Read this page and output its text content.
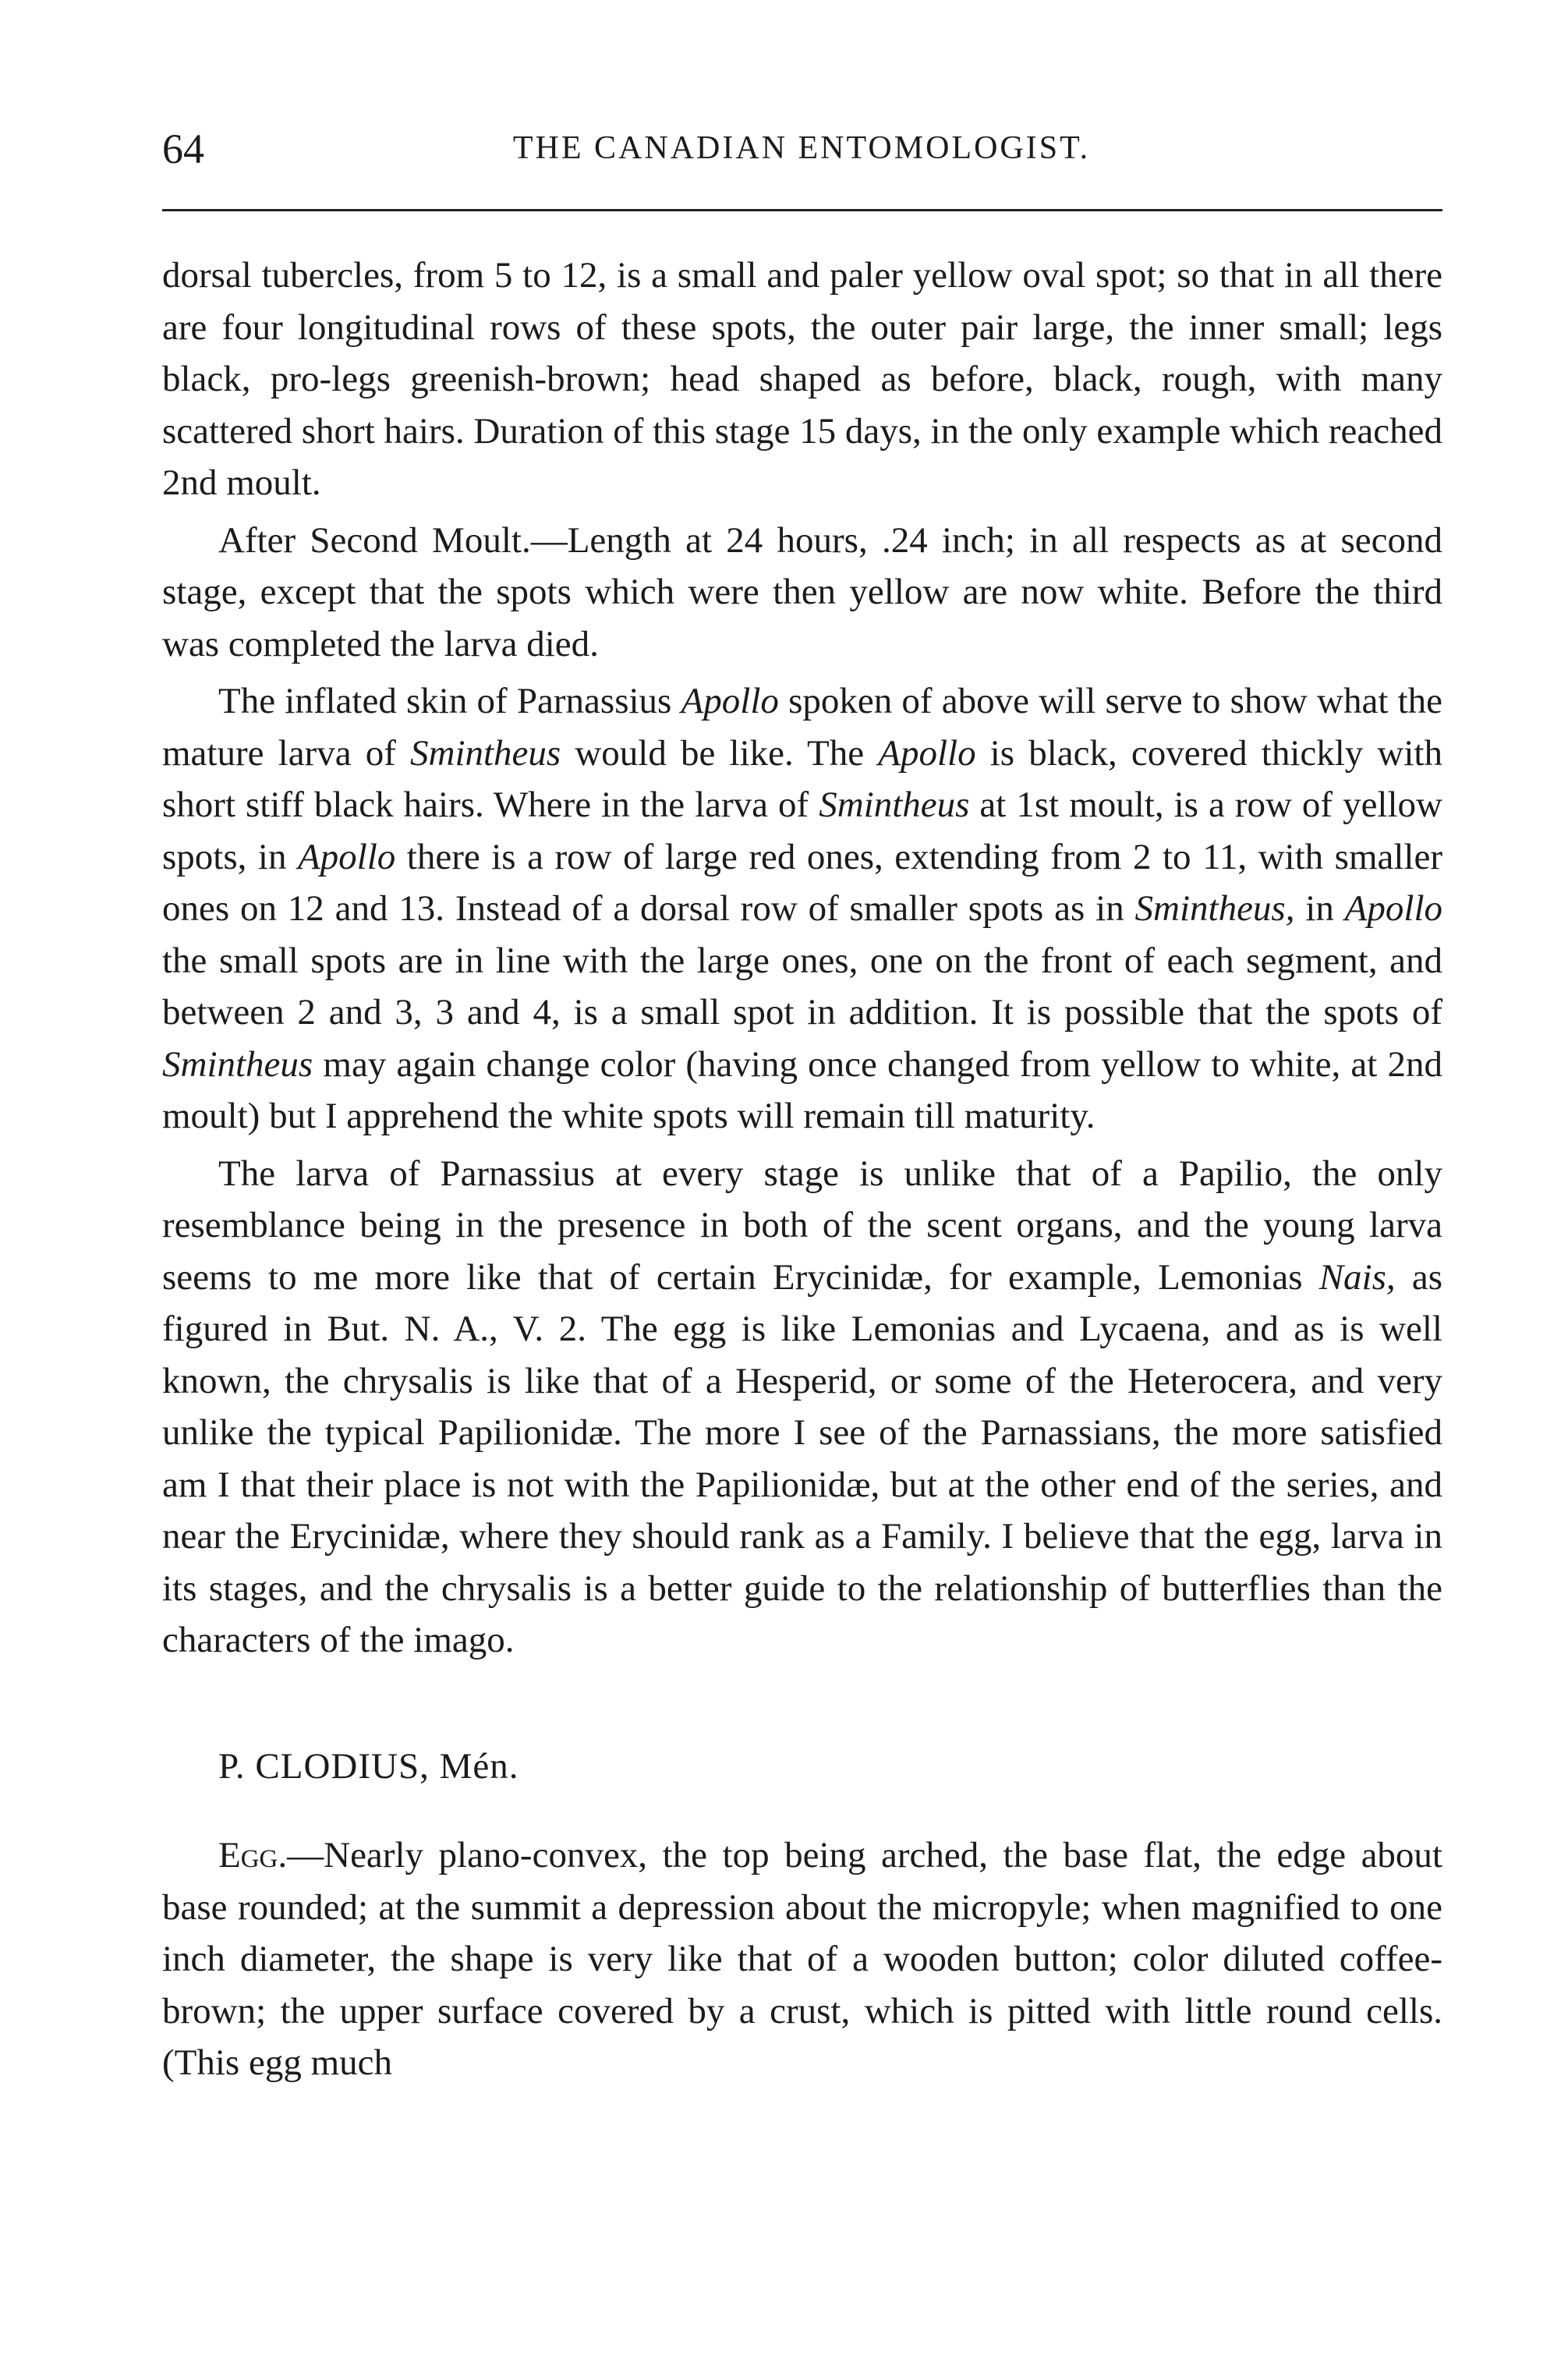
64	THE CANADIAN ENTOMOLOGIST.

dorsal tubercles, from 5 to 12, is a small and paler yellow oval spot; so that in all there are four longitudinal rows of these spots, the outer pair large, the inner small; legs black, pro-legs greenish-brown; head shaped as before, black, rough, with many scattered short hairs. Duration of this stage 15 days, in the only example which reached 2nd moult.

After Second Moult.—Length at 24 hours, .24 inch; in all respects as at second stage, except that the spots which were then yellow are now white. Before the third was completed the larva died.

The inflated skin of Parnassius Apollo spoken of above will serve to show what the mature larva of Smintheus would be like. The Apollo is black, covered thickly with short stiff black hairs. Where in the larva of Smintheus at 1st moult, is a row of yellow spots, in Apollo there is a row of large red ones, extending from 2 to 11, with smaller ones on 12 and 13. Instead of a dorsal row of smaller spots as in Smintheus, in Apollo the small spots are in line with the large ones, one on the front of each segment, and between 2 and 3, 3 and 4, is a small spot in addition. It is possible that the spots of Smintheus may again change color (having once changed from yellow to white, at 2nd moult) but I apprehend the white spots will remain till maturity.

The larva of Parnassius at every stage is unlike that of a Papilio, the only resemblance being in the presence in both of the scent organs, and the young larva seems to me more like that of certain Erycinidæ, for example, Lemonias Nais, as figured in But. N. A., V. 2. The egg is like Lemonias and Lycaena, and as is well known, the chrysalis is like that of a Hesperid, or some of the Heterocera, and very unlike the typical Papilionidæ. The more I see of the Parnassians, the more satisfied am I that their place is not with the Papilionidæ, but at the other end of the series, and near the Erycinidæ, where they should rank as a Family. I believe that the egg, larva in its stages, and the chrysalis is a better guide to the relationship of butterflies than the characters of the imago.

P. CLODIUS, Mén.

Egg.—Nearly plano-convex, the top being arched, the base flat, the edge about base rounded; at the summit a depression about the micropyle; when magnified to one inch diameter, the shape is very like that of a wooden button; color diluted coffee-brown; the upper surface covered by a crust, which is pitted with little round cells. (This egg much
